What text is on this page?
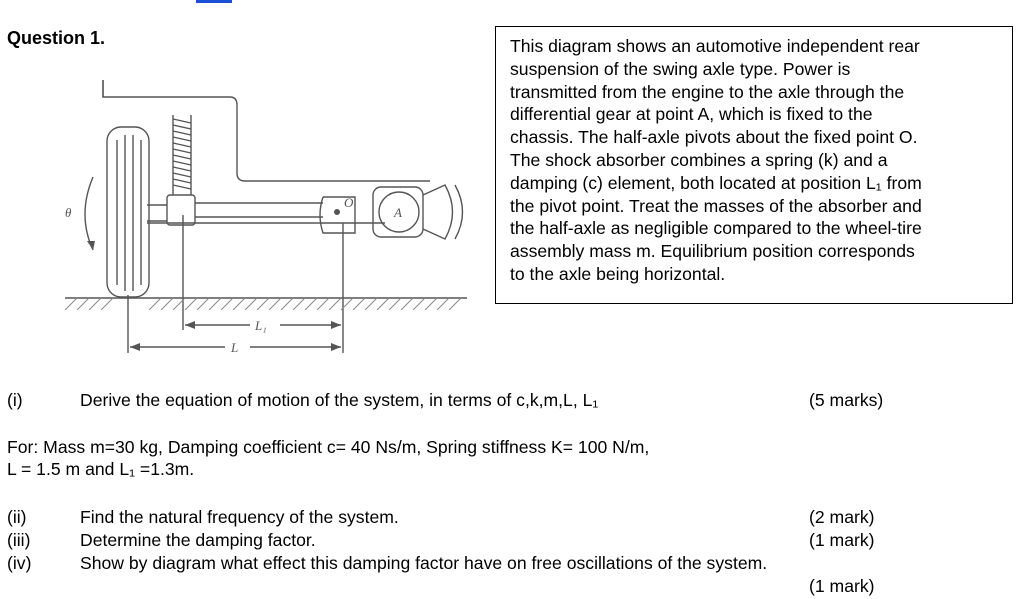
Question 1.
θ
O
A
L₁
L
This diagram shows an automotive independent rear
suspension of the swing axle type. Power is
transmitted from the engine to the axle through the
differential gear at point A, which is fixed to the
chassis. The half-axle pivots about the fixed point O.
The shock absorber combines a spring (k) and a
damping (c) element, both located at position L₁ from
the pivot point. Treat the masses of the absorber and
the half-axle as negligible compared to the wheel-tire
assembly mass m. Equilibrium position corresponds
to the axle being horizontal.
(i)	Derive the equation of motion of the system, in terms of c,k,m,L, L₁	(5 marks)
For: Mass m=30 kg, Damping coefficient c= 40 Ns/m, Spring stiffness K= 100 N/m,
L = 1.5 m and L₁ =1.3m.
(ii)	Find the natural frequency of the system.	(2 mark)
(iii)	Determine the damping factor.	(1 mark)
(iv)	Show by diagram what effect this damping factor have on free oscillations of the system.
(1 mark)
